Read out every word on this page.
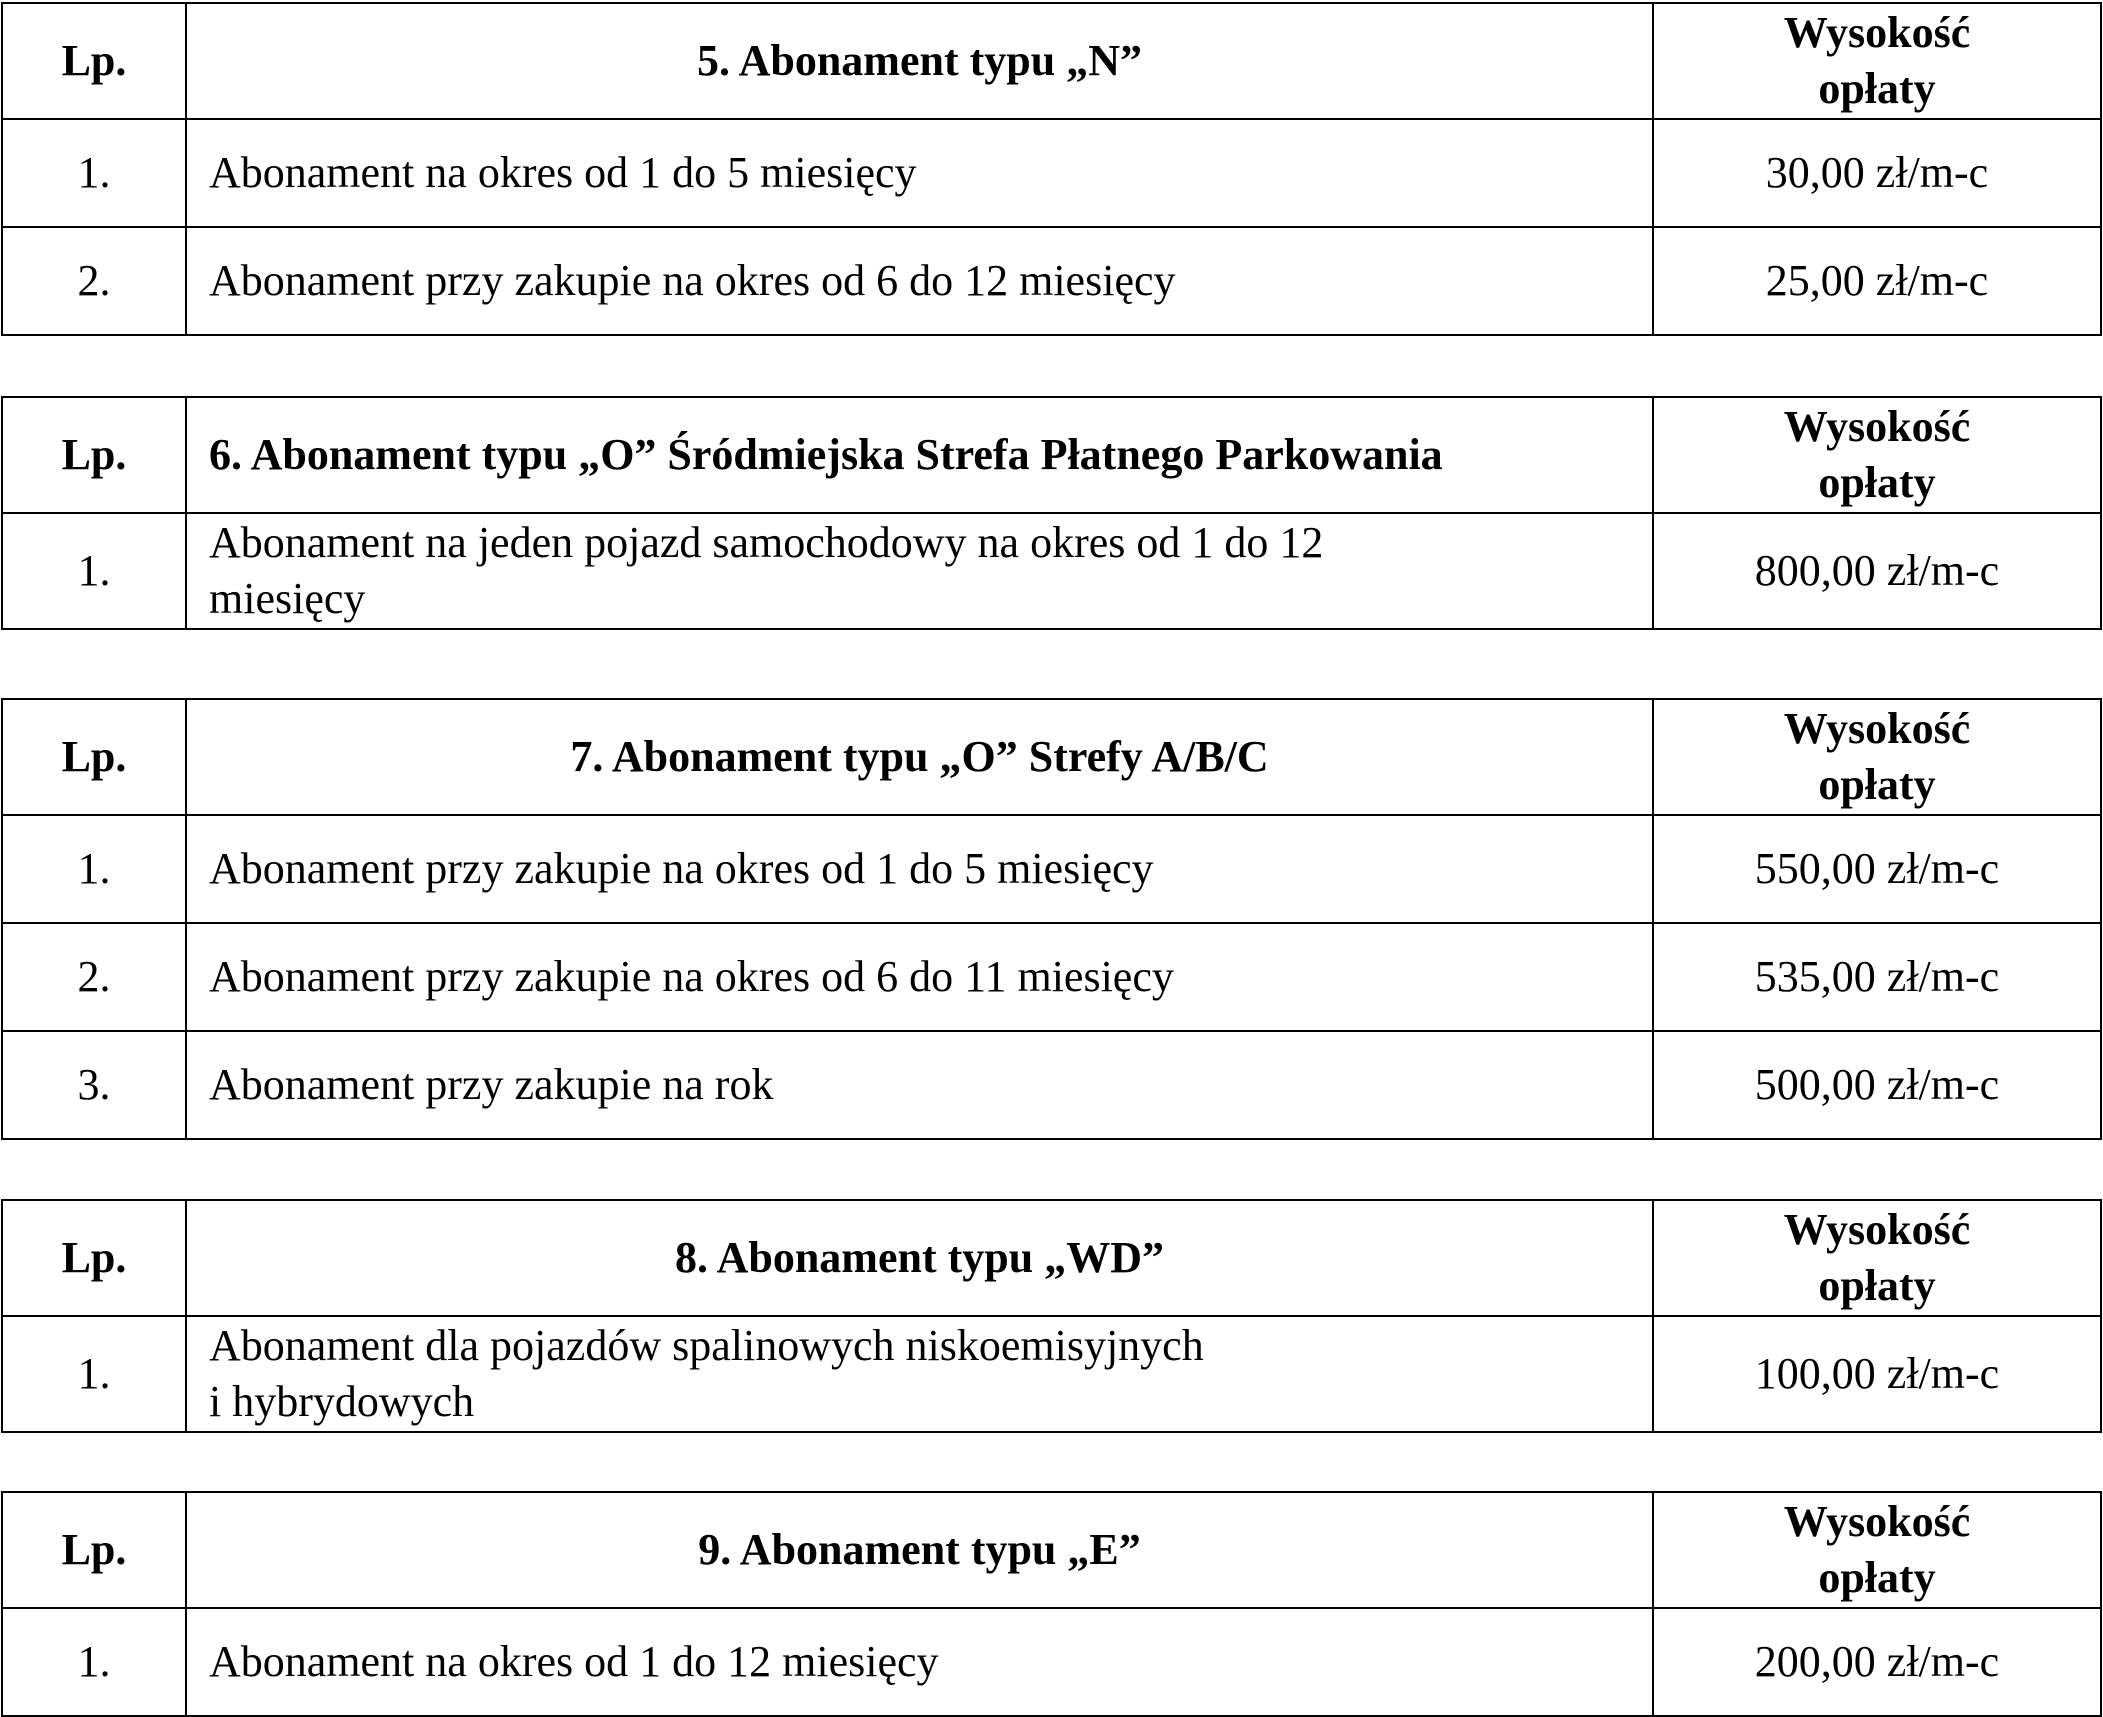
Lp.	5. Abonament typu „N”	Wysokość
opłaty

1.	Abonament na okres od 1 do 5 miesięcy	30,00 zł/m-c
2.	Abonament przy zakupie na okres od 6 do 12 miesięcy	25,00 zł/m-c
Lp.	6. Abonament typu „O” Śródmiejska Strefa Płatnego Parkowania	Wysokość
opłaty

1.	Abonament na jeden pojazd samochodowy na okres od 1 do 12
miesięcy	800,00 zł/m-c
Lp.	7. Abonament typu „O” Strefy A/B/C	Wysokość
opłaty

1.	Abonament przy zakupie na okres od 1 do 5 miesięcy	550,00 zł/m-c
2.	Abonament przy zakupie na okres od 6 do 11 miesięcy	535,00 zł/m-c
3.	Abonament przy zakupie na rok	500,00 zł/m-c
Lp.	8. Abonament typu „WD”	Wysokość
opłaty

1.	Abonament dla pojazdów spalinowych niskoemisyjnych
i hybrydowych	100,00 zł/m-c
Lp.	9. Abonament typu „E”	Wysokość
opłaty

1.	Abonament na okres od 1 do 12 miesięcy	200,00 zł/m-c
